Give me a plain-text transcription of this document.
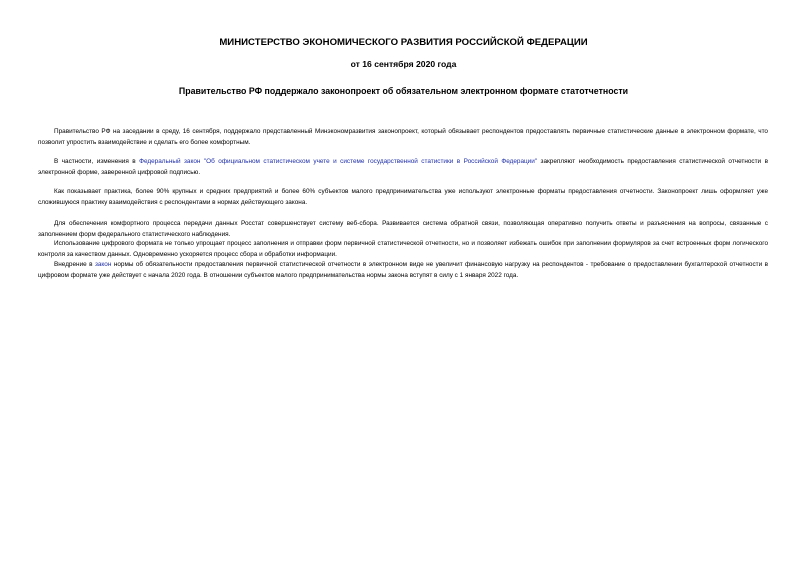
МИНИСТЕРСТВО ЭКОНОМИЧЕСКОГО РАЗВИТИЯ РОССИЙСКОЙ ФЕДЕРАЦИИ
от 16 сентября 2020 года
Правительство РФ поддержало законопроект об обязательном электронном формате статотчетности
Правительство РФ на заседании в среду, 16 сентября, поддержало представленный Минэкономразвития законопроект, который обязывает респондентов предоставлять первичные статистические данные в электронном формате, что позволит упростить взаимодействие и сделать его более комфортным.
В частности, изменения в Федеральный закон "Об официальном статистическом учете и системе государственной статистики в Российской Федерации" закрепляют необходимость предоставления статистической отчетности в электронной форме, заверенной цифровой подписью.
Как показывает практика, более 90% крупных и средних предприятий и более 60% субъектов малого предпринимательства уже используют электронные форматы предоставления отчетности. Законопроект лишь оформляет уже сложившуюся практику взаимодействия с респондентами в нормах действующего закона.
Для обеспечения комфортного процесса передачи данных Росстат совершенствует систему веб-сбора. Развивается система обратной связи, позволяющая оперативно получить ответы и разъяснения на вопросы, связанные с заполнением форм федерального статистического наблюдения.
Использование цифрового формата не только упрощает процесс заполнения и отправки форм первичной статистической отчетности, но и позволяет избежать ошибок при заполнении формуляров за счет встроенных форм логического контроля за качеством данных. Одновременно ускоряется процесс сбора и обработки информации.
Внедрение в закон нормы об обязательности предоставления первичной статистической отчетности в электронном виде не увеличит финансовую нагрузку на респондентов - требование о предоставлении бухгалтерской отчетности в цифровом формате уже действует с начала 2020 года. В отношении субъектов малого предпринимательства нормы закона вступят в силу с 1 января 2022 года.
